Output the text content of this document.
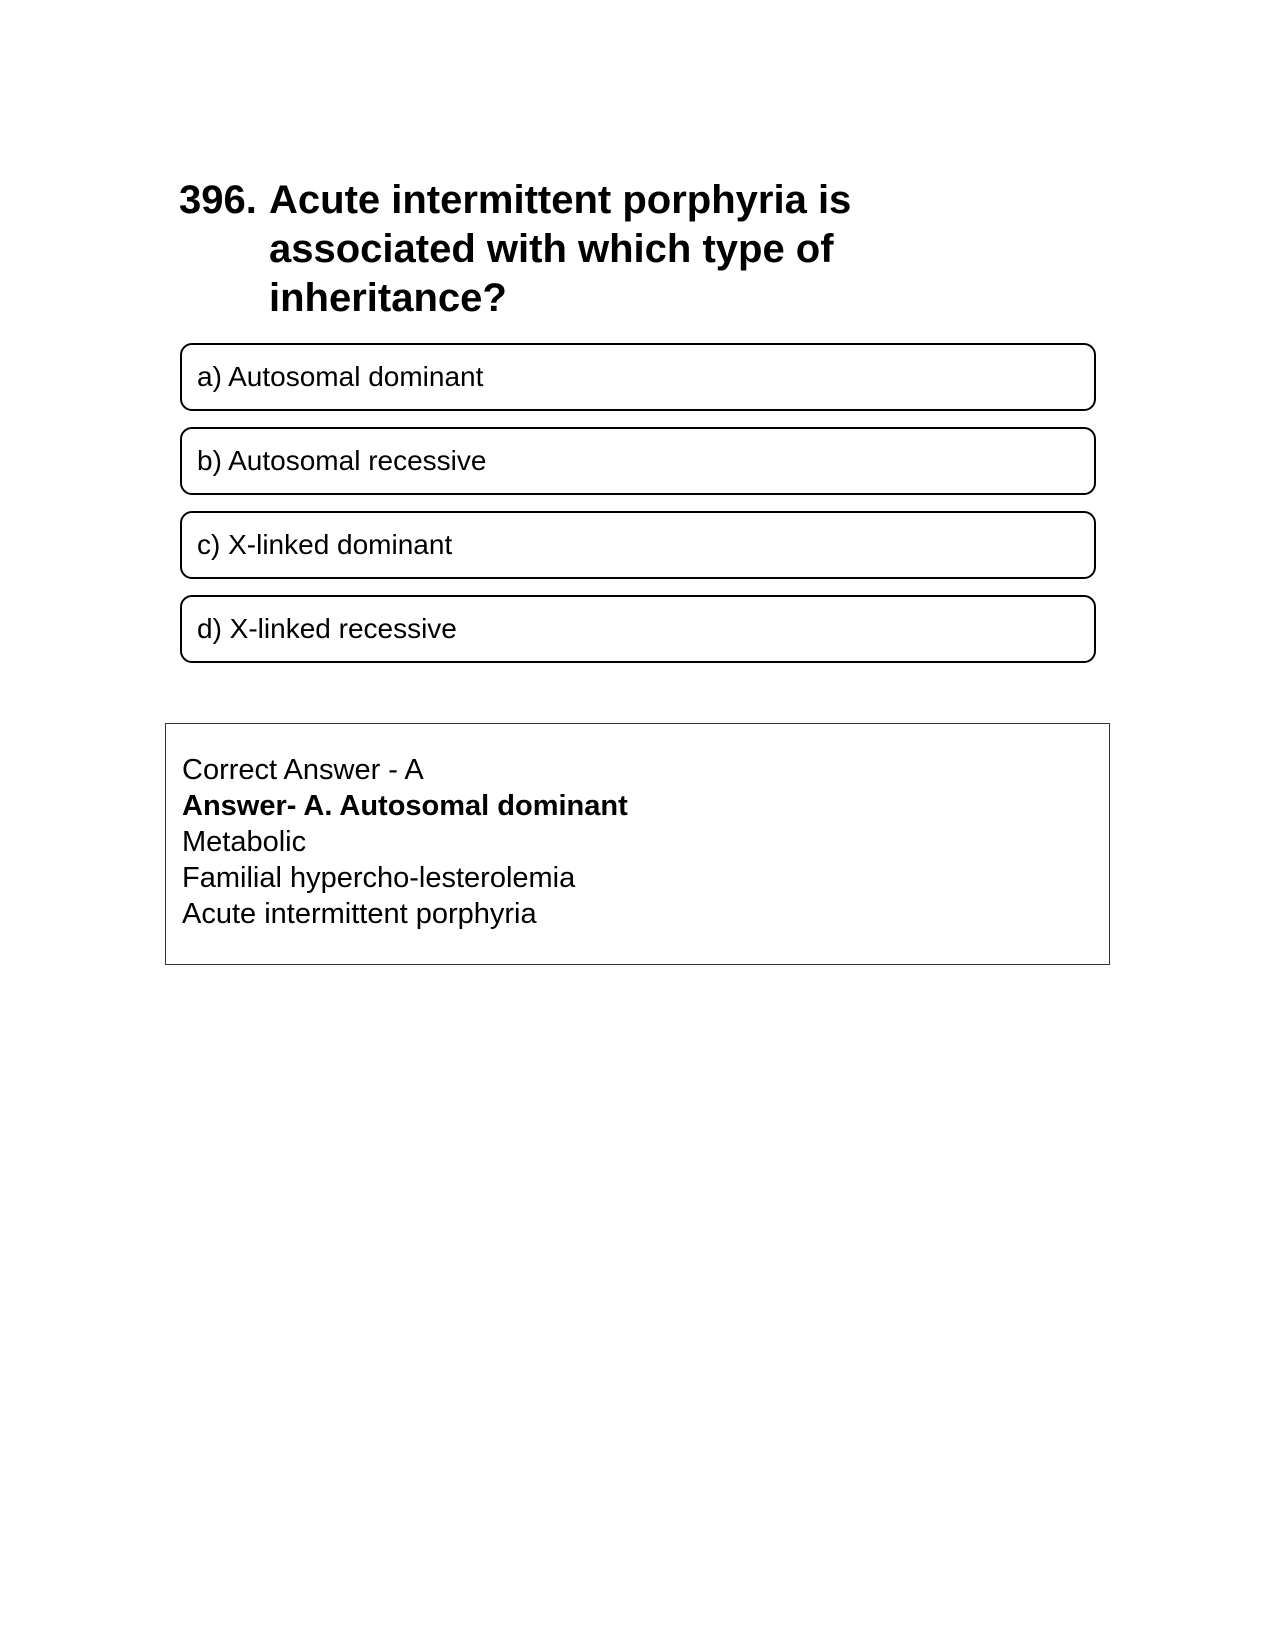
396. Acute intermittent porphyria is associated with which type of inheritance?
a) Autosomal dominant
b) Autosomal recessive
c) X-linked dominant
d) X-linked recessive
Correct Answer - A
Answer- A. Autosomal dominant
Metabolic
Familial hypercho-lesterolemia
Acute intermittent porphyria
